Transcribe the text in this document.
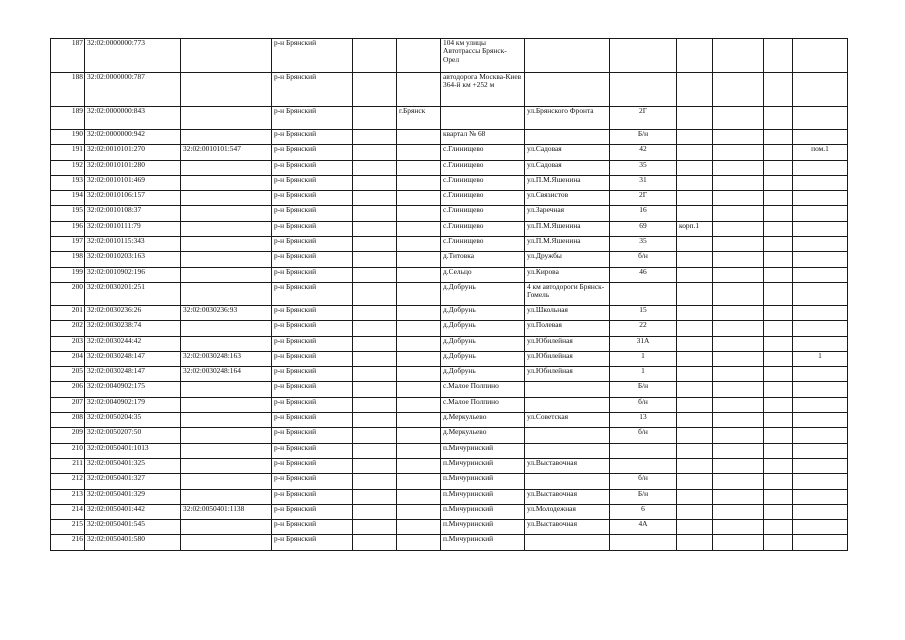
187	32:02:0000000:773		р-н Брянский			104 км улицы Автотрассы Брянск-Орел						
188	32:02:0000000:787		р-н Брянский			автодорога Москва-Киев 364-й км +252 м						
189	32:02:0000000:843		р-н Брянский		г.Брянск		ул.Брянского Фронта	2Г				
190	32:02:0000000:942		р-н Брянский			квартал № 68		Б/н				
191	32:02:0010101:270	32:02:0010101:547	р-н Брянский			с.Глинищево	ул.Садовая	42				пом.1
192	32:02:0010101:280		р-н Брянский			с.Глинищево	ул.Садовая	35				
193	32:02:0010101:469		р-н Брянский			с.Глинищево	ул.П.М.Яшенина	31				
194	32:02:0010106:157		р-н Брянский			с.Глинищево	ул.Связистов	2Г				
195	32:02:0010108:37		р-н Брянский			с.Глинищево	ул.Заречная	16				
196	32:02:0010111:79		р-н Брянский			с.Глинищево	ул.П.М.Яшенина	69	корп.1			
197	32:02:0010115:343		р-н Брянский			с.Глинищево	ул.П.М.Яшенина	35				
198	32:02:0010203:163		р-н Брянский			д.Титовка	ул.Дружбы	б/н				
199	32:02:0010902:196		р-н Брянский			д.Сельцо	ул.Кирова	46				
200	32:02:0030201:251		р-н Брянский			д.Добрунь	4 км автодороги Брянск-Гомель					
201	32:02:0030236:26	32:02:0030236:93	р-н Брянский			д.Добрунь	ул.Школьная	15				
202	32:02:0030238:74		р-н Брянский			д.Добрунь	ул.Полевая	22				
203	32:02:0030244:42		р-н Брянский			д.Добрунь	ул.Юбилейная	31А				
204	32:02:0030248:147	32:02:0030248:163	р-н Брянский			д.Добрунь	ул.Юбилейная	1				1
205	32:02:0030248:147	32:02:0030248:164	р-н Брянский			д.Добрунь	ул.Юбилейная	1				
206	32:02:0040902:175		р-н Брянский			с.Малое Полпино		Б/н				
207	32:02:0040902:179		р-н Брянский			с.Малое Полпино		б/н				
208	32:02:0050204:35		р-н Брянский			д.Меркульево	ул.Советская	13				
209	32:02:0050207:50		р-н Брянский			д.Меркульево		б/н				
210	32:02:0050401:1013		р-н Брянский			п.Мичуринский						
211	32:02:0050401:325		р-н Брянский			п.Мичуринский	ул.Выставочная					
212	32:02:0050401:327		р-н Брянский			п.Мичуринский		б/н				
213	32:02:0050401:329		р-н Брянский			п.Мичуринский	ул.Выставочная	Б/н				
214	32:02:0050401:442	32:02:0050401:1138	р-н Брянский			п.Мичуринский	ул.Молодежная	6				
215	32:02:0050401:545		р-н Брянский			п.Мичуринский	ул.Выставочная	4А				
216	32:02:0050401:580		р-н Брянский			п.Мичуринский						
